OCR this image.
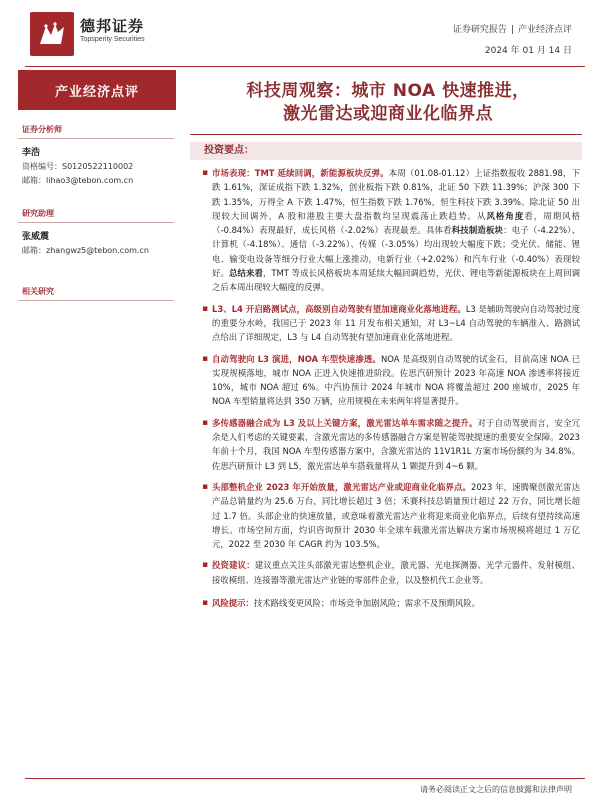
德邦证券
Topsperity Securities
证券研究报告 | 产业经济点评
2024 年 01 月 14 日
产业经济点评
证券分析师
李浩
资格编号：S0120522110002
邮箱：lihao3@tebon.com.cn
研究助理
张威震
邮箱：zhangwz5@tebon.com.cn
相关研究
科技周观察：城市 NOA 快速推进，
激光雷达或迎商业化临界点
投资要点：
▪ 市场表现：TMT 延续回调，新能源板块反弹。本周（01.08-01.12）上证指数报收 2881.98，下跌 1.61%，深证成指下跌 1.32%，创业板指下跌 0.81%，北证 50 下跌 11.39%；沪深 300 下跌 1.35%，万得全 A 下跌 1.47%，恒生指数下跌 1.76%，恒生科技下跌 3.39%。除北证 50 出现较大回调外，A 股和港股主要大盘指数均呈现震荡止跌趋势。从风格角度看，周期风格（-0.84%）表现最好，成长风格（-2.02%）表现最差。具体看科技制造板块：电子（-4.22%）、计算机（-4.18%）、通信（-3.22%）、传媒（-3.05%）均出现较大幅度下跌；受光伏、储能、锂电、输变电设备等细分行业大幅上涨推动，电新行业（+2.02%）和汽车行业（-0.40%）表现较好。总结来看，TMT 等成长风格板块本周延续大幅回调趋势，光伏、锂电等新能源板块在上周回调之后本周出现较大幅度的反弹。
▪ L3、L4 开启路测试点，高级别自动驾驶有望加速商业化落地进程。L3 是辅助驾驶向自动驾驶过度的重要分水岭，我国已于 2023 年 11 月发布相关通知，对 L3~L4 自动驾驶的车辆准入、路测试点给出了详细规定，L3 与 L4 自动驾驶有望加速商业化落地进程。
▪ 自动驾驶向 L3 演进，NOA 车型快速渗透。NOA 是高级别自动驾驶的试金石，目前高速 NOA 已实现规模落地，城市 NOA 正进入快速推进阶段。佐思汽研预计 2023 年高速 NOA 渗透率将接近 10%，城市 NOA 超过 6%。中汽协预计 2024 年城市 NOA 将覆盖超过 200 座城市，2025 年 NOA 车型销量将达到 350 万辆，应用规模在未来两年将显著提升。
▪ 多传感器融合成为 L3 及以上关键方案，激光雷达单车需求随之提升。对于自动驾驶而言，安全冗余是人们考虑的关键要素，含激光雷达的多传感器融合方案是智能驾驶提速的重要安全保障。2023 年前十个月，我国 NOA 车型传感器方案中，含激光雷达的 11V1R1L 方案市场份额约为 34.8%。佐思汽研预计 L3 到 L5，激光雷达单车搭载量将从 1 颗提升到 4~6 颗。
▪ 头部整机企业 2023 年开始放量，激光雷达产业或迎商业化临界点。2023 年，速腾聚创激光雷达产品总销量约为 25.6 万台，同比增长超过 3 倍；禾赛科技总销量预计超过 22 万台，同比增长超过 1.7 倍。头部企业的快速放量，或意味着激光雷达产业将迎来商业化临界点，后续有望持续高速增长。市场空间方面，灼识咨询预计 2030 年全球车载激光雷达解决方案市场规模将超过 1 万亿元，2022 至 2030 年 CAGR 约为 103.5%。
▪ 投资建议：建议重点关注头部激光雷达整机企业，激光器、光电探测器、光学元器件、发射模组、接收模组、连接器等激光雷达产业链的零部件企业，以及整机代工企业等。
▪ 风险提示：技术路线变更风险；市场竞争加剧风险；需求不及预期风险。
请务必阅读正文之后的信息披露和法律声明
